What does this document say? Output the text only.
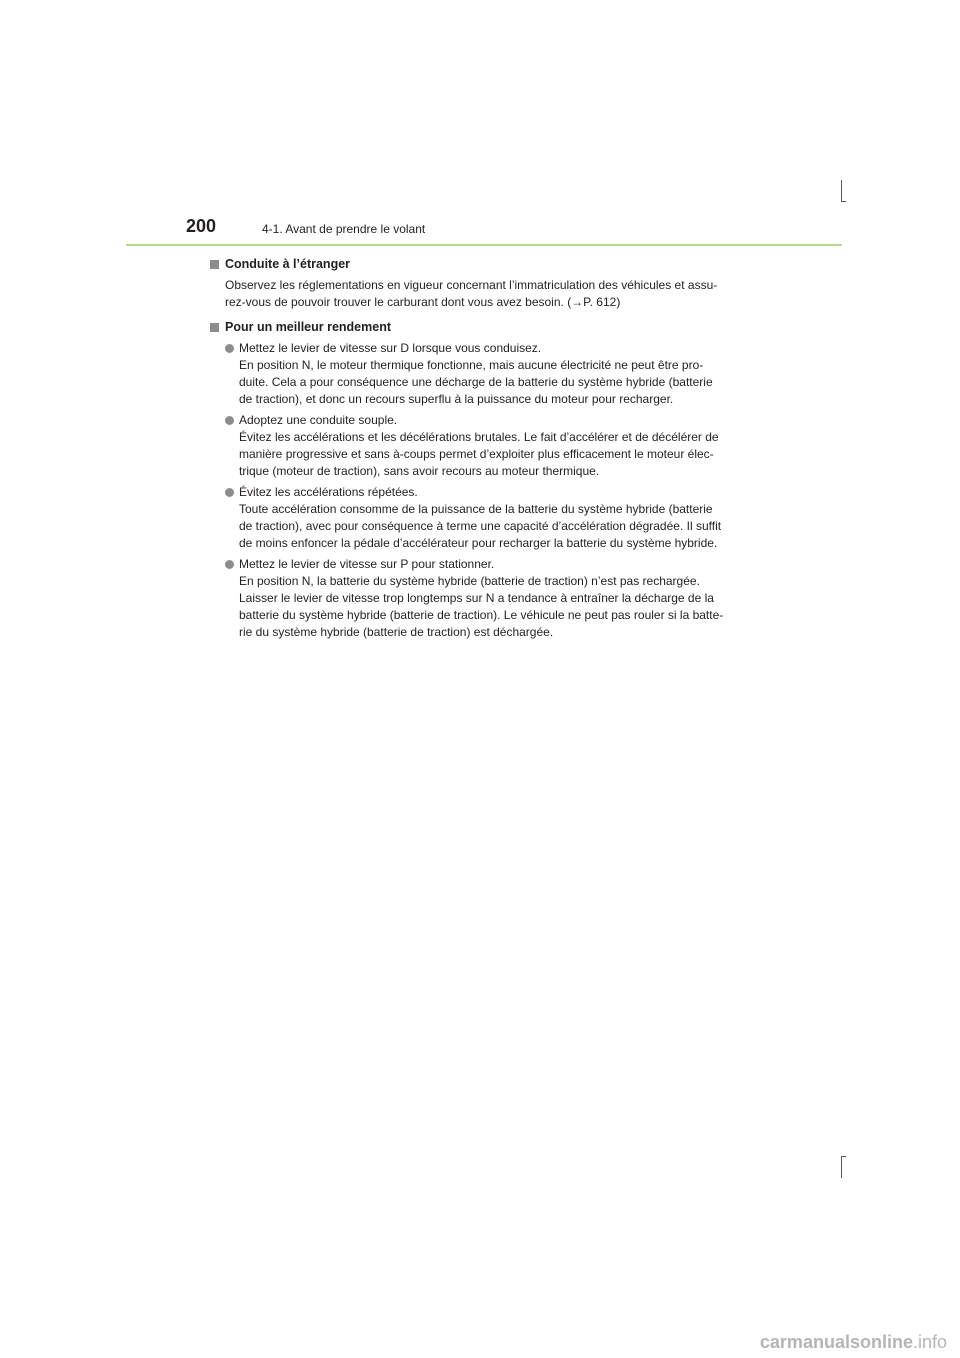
200	4-1. Avant de prendre le volant
Conduite à l’étranger

Observez les réglementations en vigueur concernant l’immatriculation des véhicules et assu-

rez-vous de pouvoir trouver le carburant dont vous avez besoin. (→P. 612)

Pour un meilleur rendement

Mettez le levier de vitesse sur D lorsque vous conduisez.

En position N, le moteur thermique fonctionne, mais aucune électricité ne peut être pro-

duite. Cela a pour conséquence une décharge de la batterie du système hybride (batterie

de traction), et donc un recours superflu à la puissance du moteur pour recharger.

Adoptez une conduite souple.

Évitez les accélérations et les décélérations brutales. Le fait d’accélérer et de décélérer de

manière progressive et sans à-coups permet d’exploiter plus efficacement le moteur élec-

trique (moteur de traction), sans avoir recours au moteur thermique.

Évitez les accélérations répétées.

Toute accélération consomme de la puissance de la batterie du système hybride (batterie

de traction), avec pour conséquence à terme une capacité d’accélération dégradée. Il suffit

de moins enfoncer la pédale d’accélérateur pour recharger la batterie du système hybride.

Mettez le levier de vitesse sur P pour stationner.

En position N, la batterie du système hybride (batterie de traction) n’est pas rechargée.

Laisser le levier de vitesse trop longtemps sur N a tendance à entraîner la décharge de la

batterie du système hybride (batterie de traction). Le véhicule ne peut pas rouler si la batte-

rie du système hybride (batterie de traction) est déchargée.

carmanualsonline.info
